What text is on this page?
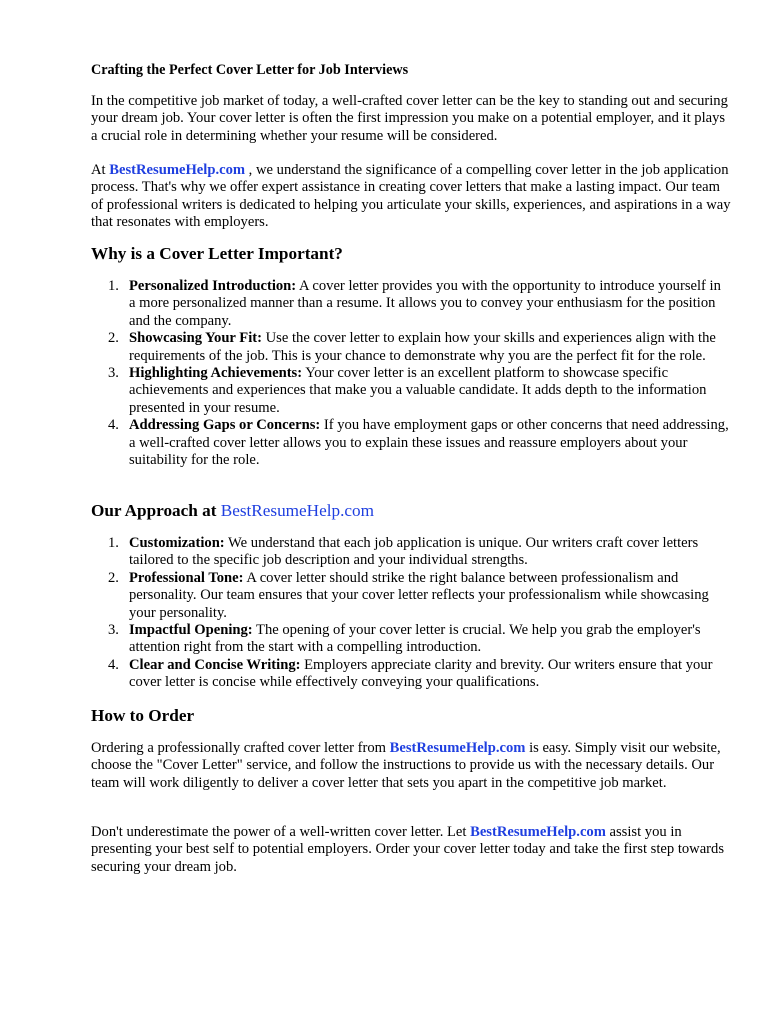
Crafting the Perfect Cover Letter for Job Interviews

In the competitive job market of today, a well-crafted cover letter can be the key to standing out and securing your dream job. Your cover letter is often the first impression you make on a potential employer, and it plays a crucial role in determining whether your resume will be considered.

At BestResumeHelp.com , we understand the significance of a compelling cover letter in the job application process. That's why we offer expert assistance in creating cover letters that make a lasting impact. Our team of professional writers is dedicated to helping you articulate your skills, experiences, and aspirations in a way that resonates with employers.

Why is a Cover Letter Important?
1. Personalized Introduction: A cover letter provides you with the opportunity to introduce yourself in a more personalized manner than a resume. It allows you to convey your enthusiasm for the position and the company.
2. Showcasing Your Fit: Use the cover letter to explain how your skills and experiences align with the requirements of the job. This is your chance to demonstrate why you are the perfect fit for the role.
3. Highlighting Achievements: Your cover letter is an excellent platform to showcase specific achievements and experiences that make you a valuable candidate. It adds depth to the information presented in your resume.
4. Addressing Gaps or Concerns: If you have employment gaps or other concerns that need addressing, a well-crafted cover letter allows you to explain these issues and reassure employers about your suitability for the role.
Our Approach at BestResumeHelp.com
1. Customization: We understand that each job application is unique. Our writers craft cover letters tailored to the specific job description and your individual strengths.
2. Professional Tone: A cover letter should strike the right balance between professionalism and personality. Our team ensures that your cover letter reflects your professionalism while showcasing your personality.
3. Impactful Opening: The opening of your cover letter is crucial. We help you grab the employer's attention right from the start with a compelling introduction.
4. Clear and Concise Writing: Employers appreciate clarity and brevity. Our writers ensure that your cover letter is concise while effectively conveying your qualifications.
How to Order

Ordering a professionally crafted cover letter from BestResumeHelp.com is easy. Simply visit our website, choose the "Cover Letter" service, and follow the instructions to provide us with the necessary details. Our team will work diligently to deliver a cover letter that sets you apart in the competitive job market.

Don't underestimate the power of a well-written cover letter. Let BestResumeHelp.com assist you in presenting your best self to potential employers. Order your cover letter today and take the first step towards securing your dream job.
